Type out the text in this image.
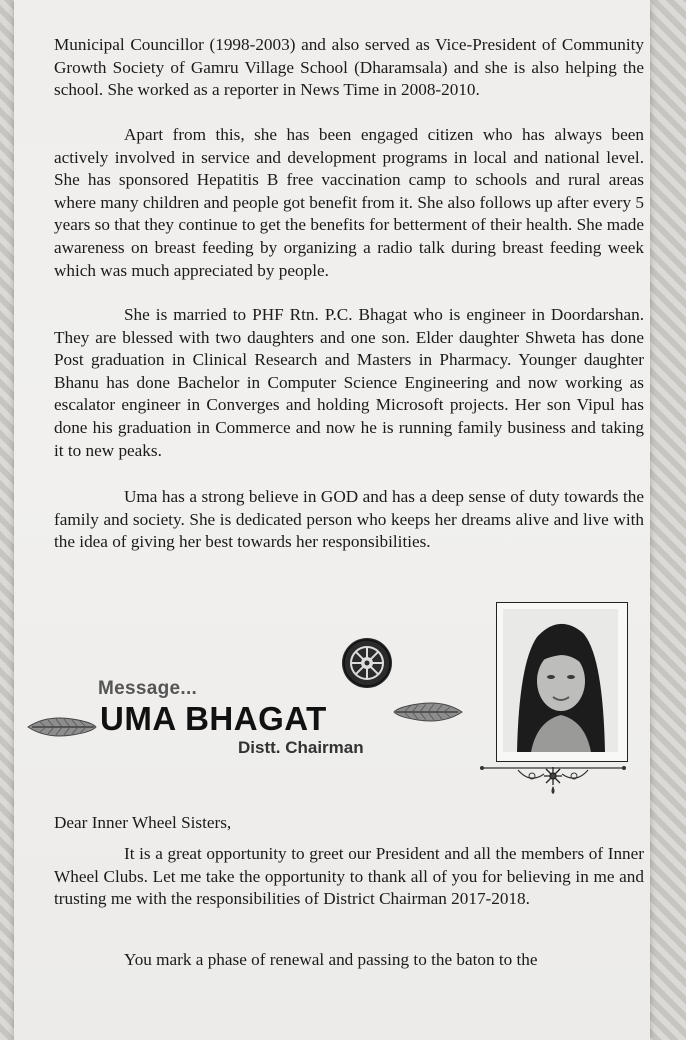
Municipal Councillor (1998-2003) and also served as Vice-President of Community Growth Society of Gamru Village School (Dharamsala) and she is also helping the school. She worked as a reporter in News Time in 2008-2010.

Apart from this, she has been engaged citizen who has always been actively involved in service and development programs in local and national level. She has sponsored Hepatitis B free vaccination camp to schools and rural areas where many children and people got benefit from it. She also follows up after every 5 years so that they continue to get the benefits for betterment of their health. She made awareness on breast feeding by organizing a radio talk during breast feeding week which was much appreciated by people.

She is married to PHF Rtn. P.C. Bhagat who is engineer in Doordarshan. They are blessed with two daughters and one son. Elder daughter Shweta has done Post graduation in Clinical Research and Masters in Pharmacy. Younger daughter Bhanu has done Bachelor in Computer Science Engineering and now working as escalator engineer in Converges and holding Microsoft projects. Her son Vipul has done his graduation in Commerce and now he is running family business and taking it to new peaks.

Uma has a strong believe in GOD and has a deep sense of duty towards the family and society. She is dedicated person who keeps her dreams alive and live with the idea of giving her best towards her responsibilities.

Message...
UMA BHAGAT
Distt. Chairman

Dear Inner Wheel Sisters,

It is a great opportunity to greet our President and all the members of Inner Wheel Clubs. Let me take the opportunity to thank all of you for believing in me and trusting me with the responsibilities of District Chairman 2017-2018.

You mark a phase of renewal and passing to the baton to the
